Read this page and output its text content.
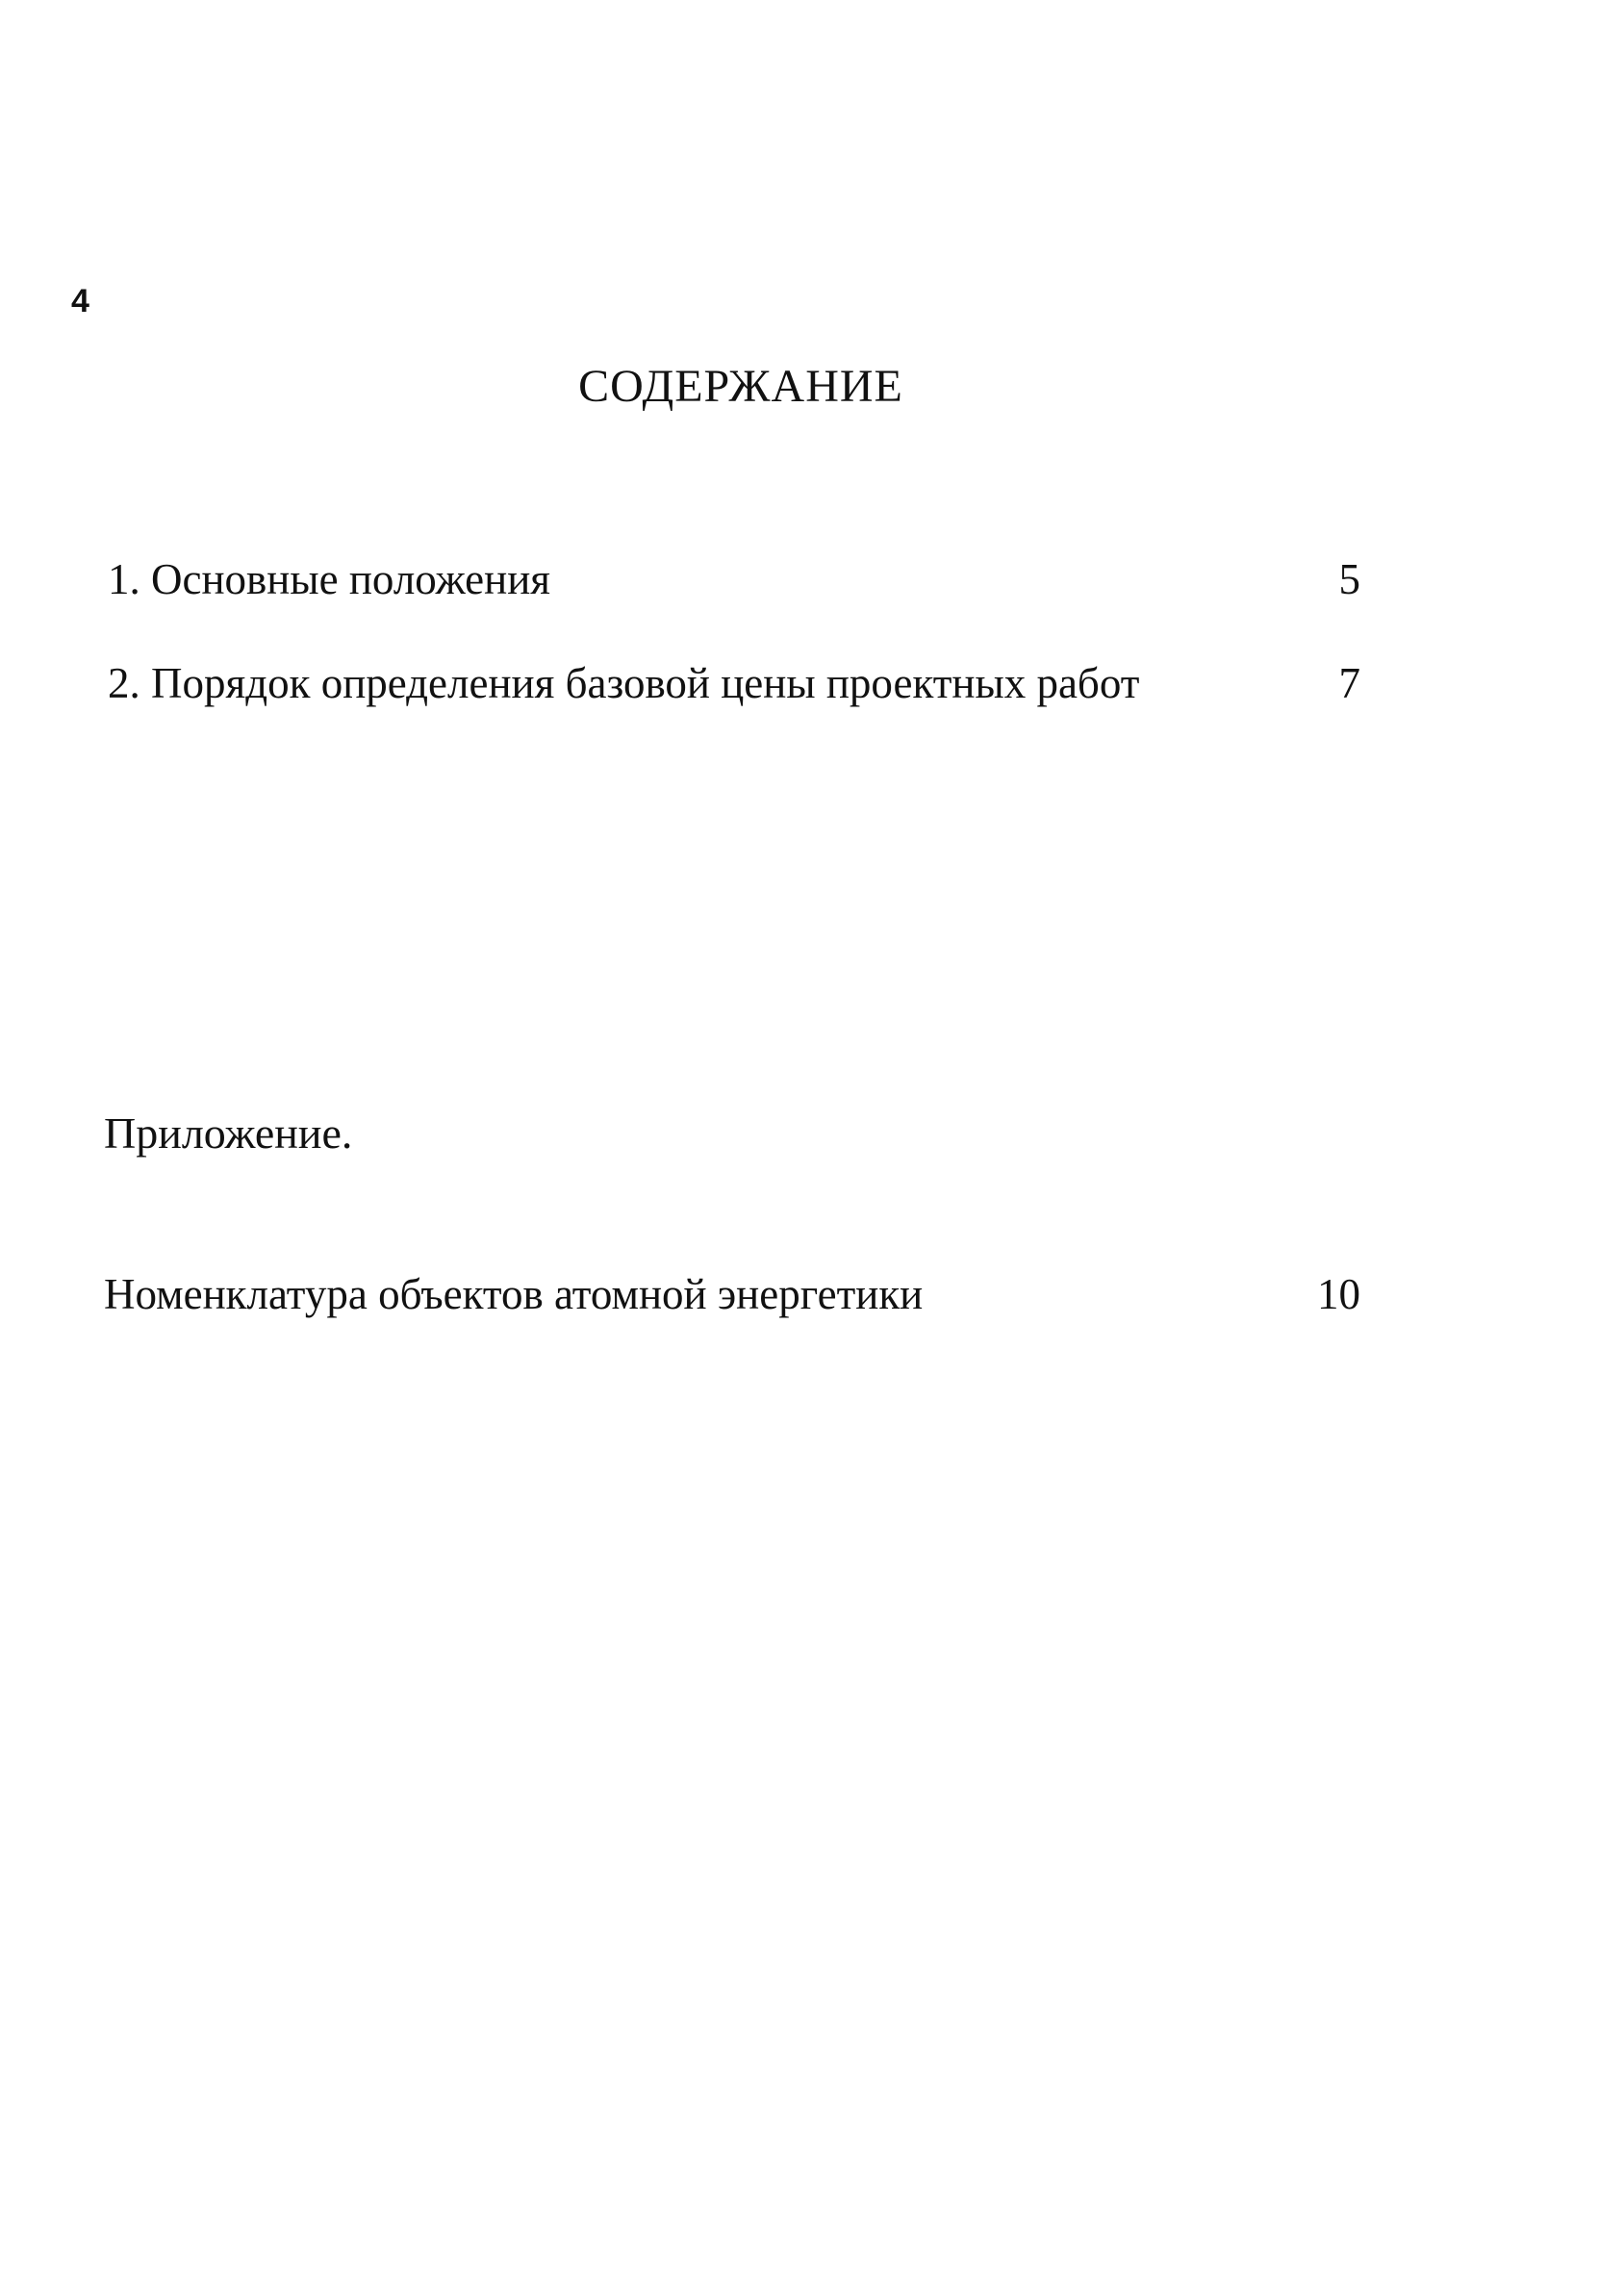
4
СОДЕРЖАНИЕ
1. Основные положения	5
2. Порядок определения базовой цены проектных работ	7
Приложение.
Номенклатура объектов атомной энергетики	10
